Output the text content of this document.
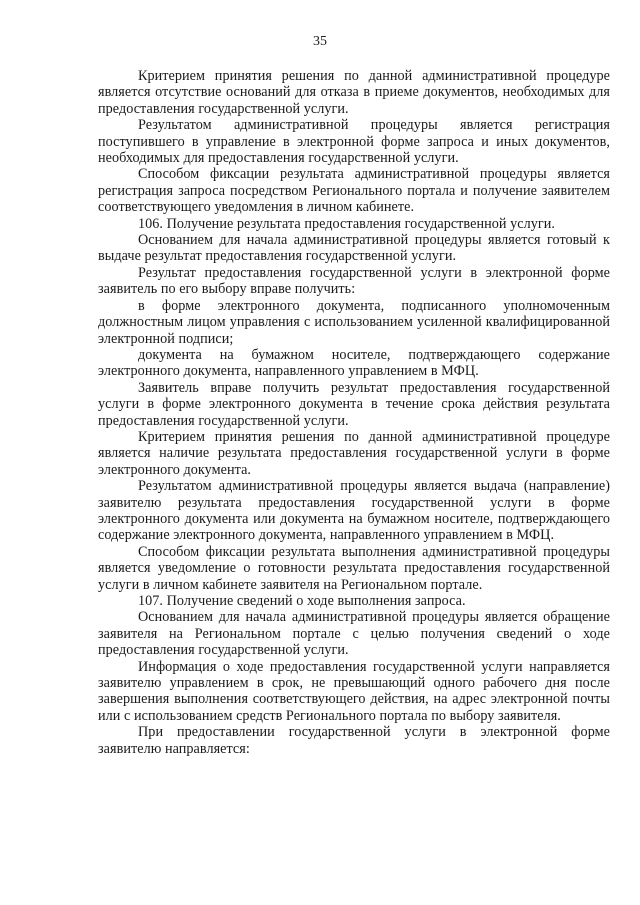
35

Критерием принятия решения по данной административной процедуре является отсутствие оснований для отказа в приеме документов, необходимых для предоставления государственной услуги.

Результатом административной процедуры является регистрация поступившего в управление в электронной форме запроса и иных документов, необходимых для предоставления государственной услуги.

Способом фиксации результата административной процедуры является регистрация запроса посредством Регионального портала и получение заявителем соответствующего уведомления в личном кабинете.

106. Получение результата предоставления государственной услуги.

Основанием для начала административной процедуры является готовый к выдаче результат предоставления государственной услуги.

Результат предоставления государственной услуги в электронной форме заявитель по его выбору вправе получить:

в форме электронного документа, подписанного уполномоченным должностным лицом управления с использованием усиленной квалифицированной электронной подписи;

документа на бумажном носителе, подтверждающего содержание электронного документа, направленного управлением в МФЦ.

Заявитель вправе получить результат предоставления государственной услуги в форме электронного документа в течение срока действия результата предоставления государственной услуги.

Критерием принятия решения по данной административной процедуре является наличие результата предоставления государственной услуги в форме электронного документа.

Результатом административной процедуры является выдача (направление) заявителю результата предоставления государственной услуги в форме электронного документа или документа на бумажном носителе, подтверждающего содержание электронного документа, направленного управлением в МФЦ.

Способом фиксации результата выполнения административной процедуры является уведомление о готовности результата предоставления государственной услуги в личном кабинете заявителя на Региональном портале.

107. Получение сведений о ходе выполнения запроса.

Основанием для начала административной процедуры является обращение заявителя на Региональном портале с целью получения сведений о ходе предоставления государственной услуги.

Информация о ходе предоставления государственной услуги направляется заявителю управлением в срок, не превышающий одного рабочего дня после завершения выполнения соответствующего действия, на адрес электронной почты или с использованием средств Регионального портала по выбору заявителя.

При предоставлении государственной услуги в электронной форме заявителю направляется:
